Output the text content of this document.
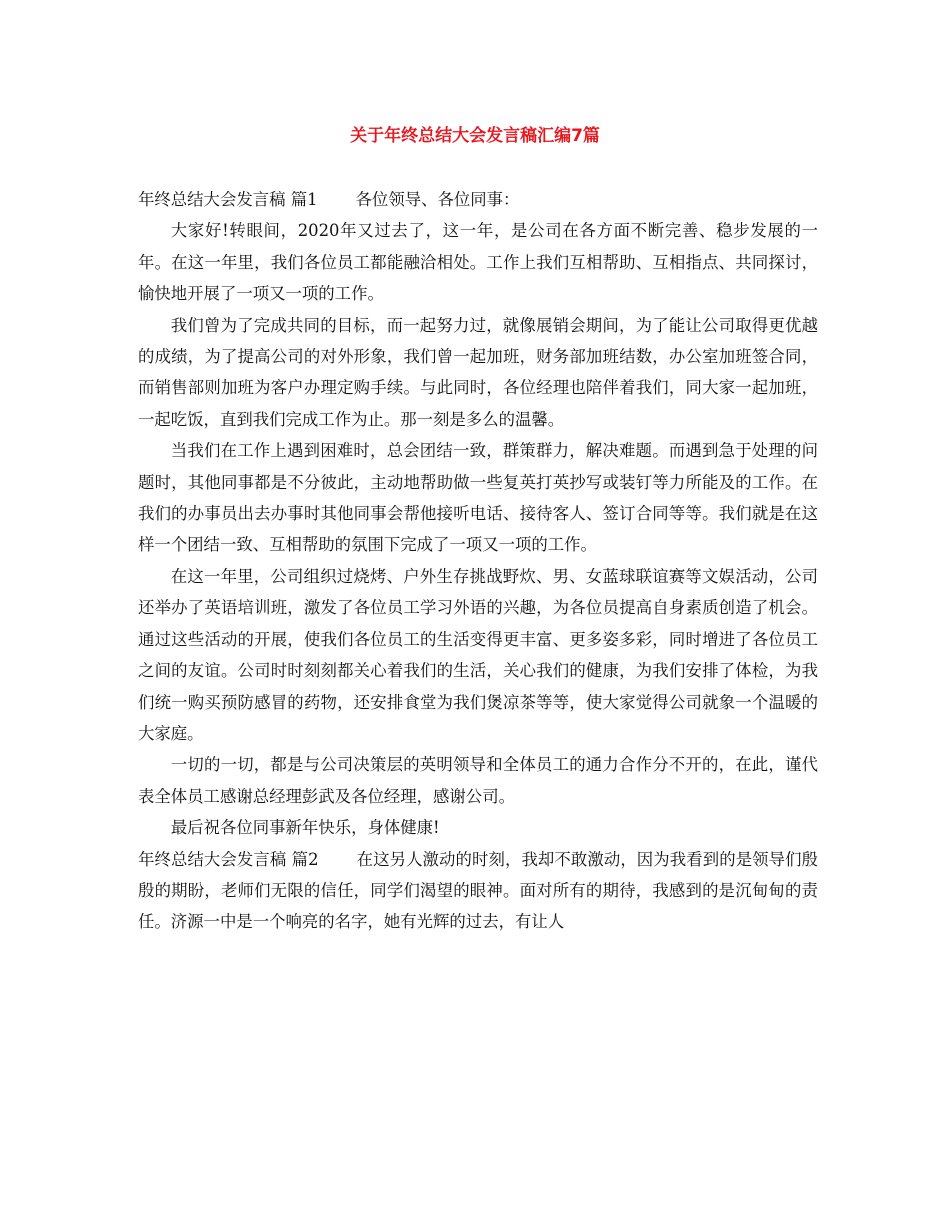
关于年终总结大会发言稿汇编7篇

年终总结大会发言稿 篇1 各位领导、各位同事：

大家好!转眼间，2020年又过去了，这一年，是公司在各方面不断完善、稳步发展的一年。在这一年里，我们各位员工都能融洽相处。工作上我们互相帮助、互相指点、共同探讨，愉快地开展了一项又一项的工作。

我们曾为了完成共同的目标，而一起努力过，就像展销会期间，为了能让公司取得更优越的成绩，为了提高公司的对外形象，我们曾一起加班，财务部加班结数，办公室加班签合同，而销售部则加班为客户办理定购手续。与此同时，各位经理也陪伴着我们，同大家一起加班，一起吃饭，直到我们完成工作为止。那一刻是多么的温馨。

当我们在工作上遇到困难时，总会团结一致，群策群力，解决难题。而遇到急于处理的问题时，其他同事都是不分彼此，主动地帮助做一些复英打英抄写或装钉等力所能及的工作。在我们的办事员出去办事时其他同事会帮他接听电话、接待客人、签订合同等等。我们就是在这样一个团结一致、互相帮助的氛围下完成了一项又一项的工作。

在这一年里，公司组织过烧烤、户外生存挑战野炊、男、女蓝球联谊赛等文娱活动，公司还举办了英语培训班，激发了各位员工学习外语的兴趣，为各位员提高自身素质创造了机会。通过这些活动的开展，使我们各位员工的生活变得更丰富、更多姿多彩，同时增进了各位员工之间的友谊。公司时时刻刻都关心着我们的生活，关心我们的健康，为我们安排了体检，为我们统一购买预防感冒的药物，还安排食堂为我们煲凉茶等等，使大家觉得公司就象一个温暖的大家庭。

一切的一切，都是与公司决策层的英明领导和全体员工的通力合作分不开的，在此，谨代表全体员工感谢总经理彭武及各位经理，感谢公司。

最后祝各位同事新年快乐，身体健康!

年终总结大会发言稿 篇2 在这另人激动的时刻，我却不敢激动，因为我看到的是领导们殷殷的期盼，老师们无限的信任，同学们渴望的眼神。面对所有的期待，我感到的是沉甸甸的责任。济源一中是一个响亮的名字，她有光辉的过去，有让人
